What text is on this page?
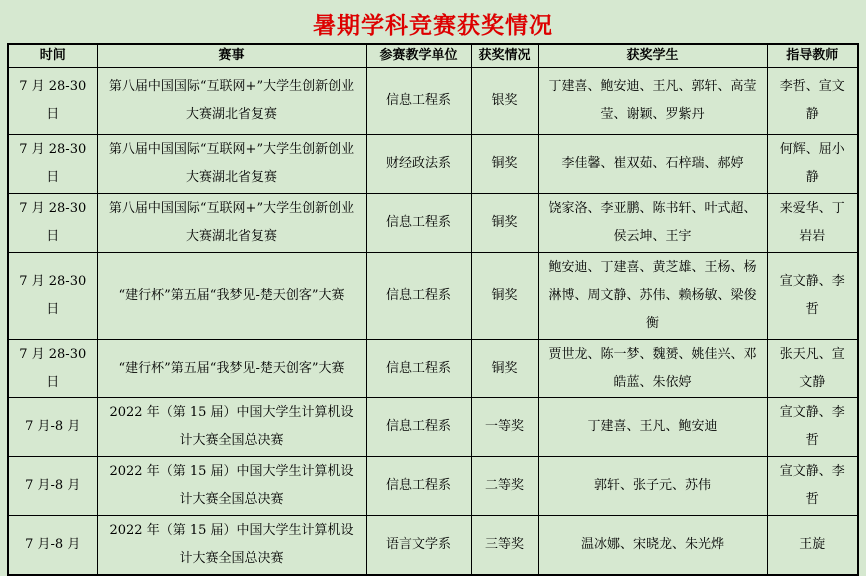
暑期学科竞赛获奖情况
时间	赛事	参赛教学单位	获奖情况	获奖学生	指导教师
7 月 28-30 日	第八届中国国际“互联网+”大学生创新创业大赛湖北省复赛	信息工程系	银奖	丁建喜、鲍安迪、王凡、郭轩、高莹莹、谢颖、罗紫丹	李哲、宣文静
7 月 28-30 日	第八届中国国际“互联网+”大学生创新创业大赛湖北省复赛	财经政法系	铜奖	李佳馨、崔双茹、石梓瑞、郝婷	何辉、屈小静
7 月 28-30 日	第八届中国国际“互联网+”大学生创新创业大赛湖北省复赛	信息工程系	铜奖	饶家洛、李亚鹏、陈书轩、叶式超、侯云坤、王宇	来爱华、丁岩岩
7 月 28-30 日	“建行杯”第五届“我梦见-楚天创客”大赛	信息工程系	铜奖	鲍安迪、丁建喜、黄芝雄、王杨、杨淋博、周文静、苏伟、赖杨敏、梁俊衡	宣文静、李哲
7 月 28-30 日	“建行杯”第五届“我梦见-楚天创客”大赛	信息工程系	铜奖	贾世龙、陈一梦、魏赟、姚佳兴、邓皓蓝、朱依婷	张天凡、宣文静
7 月-8 月	2022 年（第 15 届）中国大学生计算机设计大赛全国总决赛	信息工程系	一等奖	丁建喜、王凡、鲍安迪	宣文静、李哲
7 月-8 月	2022 年（第 15 届）中国大学生计算机设计大赛全国总决赛	信息工程系	二等奖	郭轩、张子元、苏伟	宣文静、李哲
7 月-8 月	2022 年（第 15 届）中国大学生计算机设计大赛全国总决赛	语言文学系	三等奖	温冰娜、宋晓龙、朱光烨	王旋
